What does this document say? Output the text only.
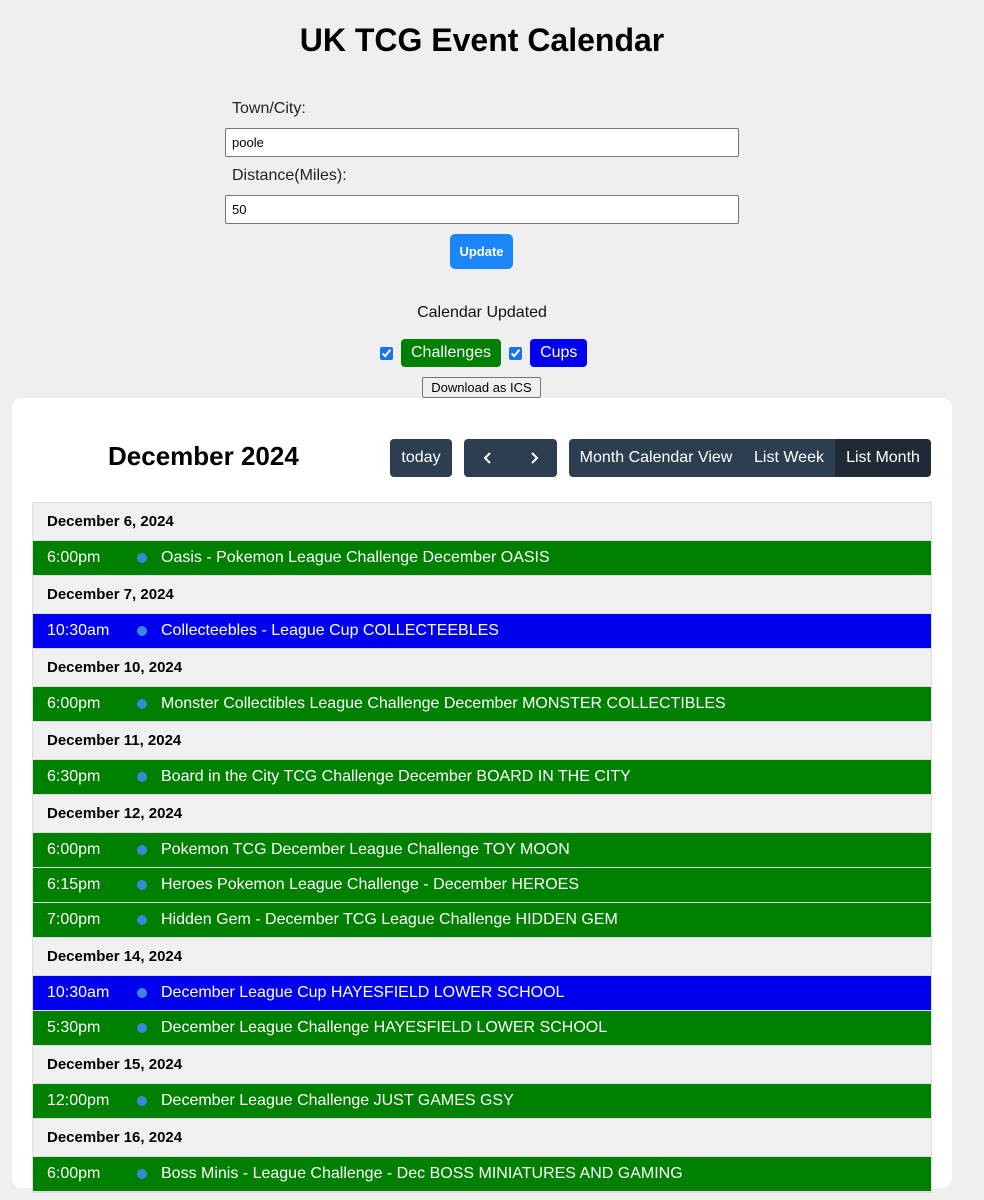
UK TCG Event Calendar
Town/City:
poole
Distance(Miles):
50
Update
Calendar Updated
Challenges	Cups
Download as ICS
December 2024	today	Month Calendar View	List Week	List Month
December 6, 2024
6:00pm	Oasis - Pokemon League Challenge December OASIS
December 7, 2024
10:30am	Collecteebles - League Cup COLLECTEEBLES
December 10, 2024
6:00pm	Monster Collectibles League Challenge December MONSTER COLLECTIBLES
December 11, 2024
6:30pm	Board in the City TCG Challenge December BOARD IN THE CITY
December 12, 2024
6:00pm	Pokemon TCG December League Challenge TOY MOON
6:15pm	Heroes Pokemon League Challenge - December HEROES
7:00pm	Hidden Gem - December TCG League Challenge HIDDEN GEM
December 14, 2024
10:30am	December League Cup HAYESFIELD LOWER SCHOOL
5:30pm	December League Challenge HAYESFIELD LOWER SCHOOL
December 15, 2024
12:00pm	December League Challenge JUST GAMES GSY
December 16, 2024
6:00pm	Boss Minis - League Challenge - Dec BOSS MINIATURES AND GAMING
